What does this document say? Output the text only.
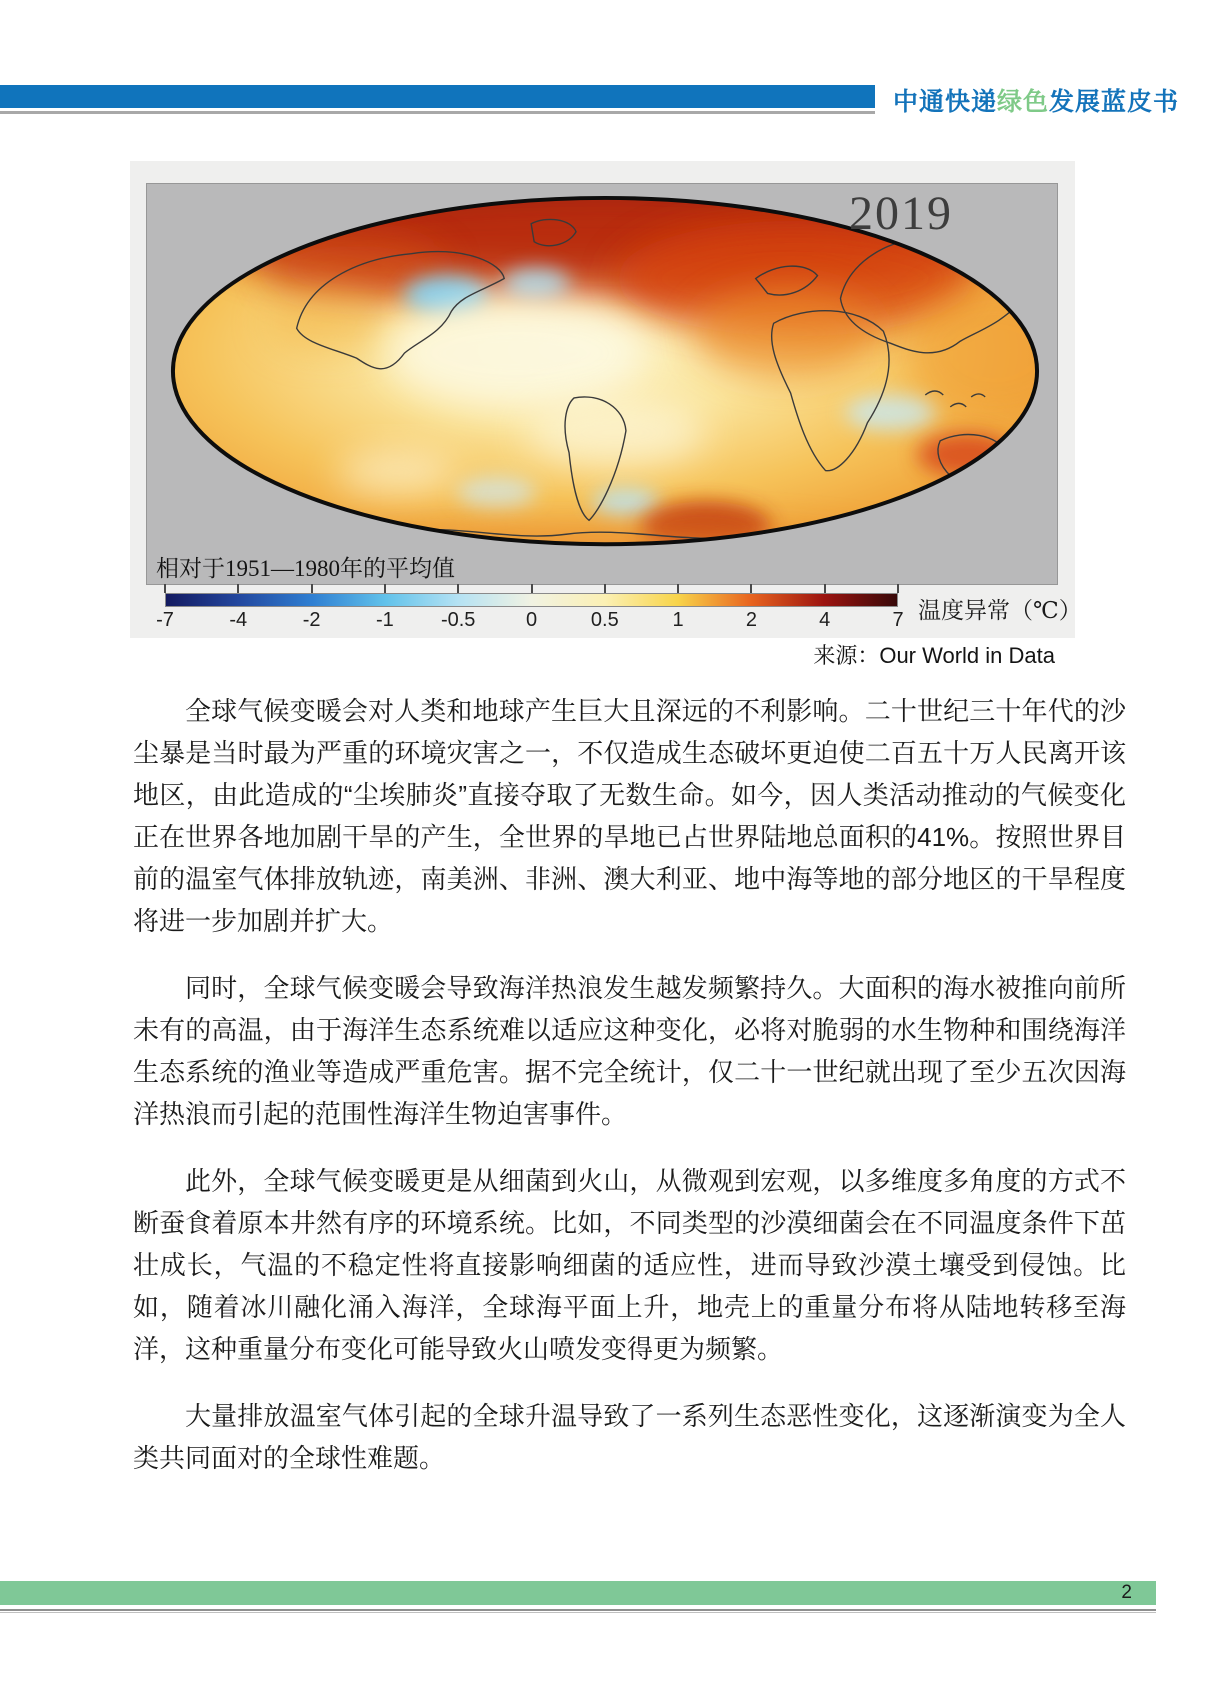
中通快递绿色发展蓝皮书
2019
相对于1951—1980年的平均值
-7	-4	-2	-1 -0.5	0	0.5	1	2	4	7 温度异常（℃）
来源：Our World in Data

全球气候变暖会对人类和地球产生巨大且深远的不利影响。二十世纪三十年代的沙尘暴是当时最为严重的环境灾害之一，不仅造成生态破坏更迫使二百五十万人民离开该地区，由此造成的“尘埃肺炎”直接夺取了无数生命。如今，因人类活动推动的气候变化正在世界各地加剧干旱的产生，全世界的旱地已占世界陆地总面积的41%。按照世界目前的温室气体排放轨迹，南美洲、非洲、澳大利亚、地中海等地的部分地区的干旱程度将进一步加剧并扩大。

同时，全球气候变暖会导致海洋热浪发生越发频繁持久。大面积的海水被推向前所未有的高温，由于海洋生态系统难以适应这种变化，必将对脆弱的水生物种和围绕海洋生态系统的渔业等造成严重危害。据不完全统计，仅二十一世纪就出现了至少五次因海洋热浪而引起的范围性海洋生物迫害事件。

此外，全球气候变暖更是从细菌到火山，从微观到宏观，以多维度多角度的方式不断蚕食着原本井然有序的环境系统。比如，不同类型的沙漠细菌会在不同温度条件下茁壮成长，气温的不稳定性将直接影响细菌的适应性，进而导致沙漠土壤受到侵蚀。比如，随着冰川融化涌入海洋，全球海平面上升，地壳上的重量分布将从陆地转移至海洋，这种重量分布变化可能导致火山喷发变得更为频繁。

大量排放温室气体引起的全球升温导致了一系列生态恶性变化，这逐渐演变为全人类共同面对的全球性难题。

2
